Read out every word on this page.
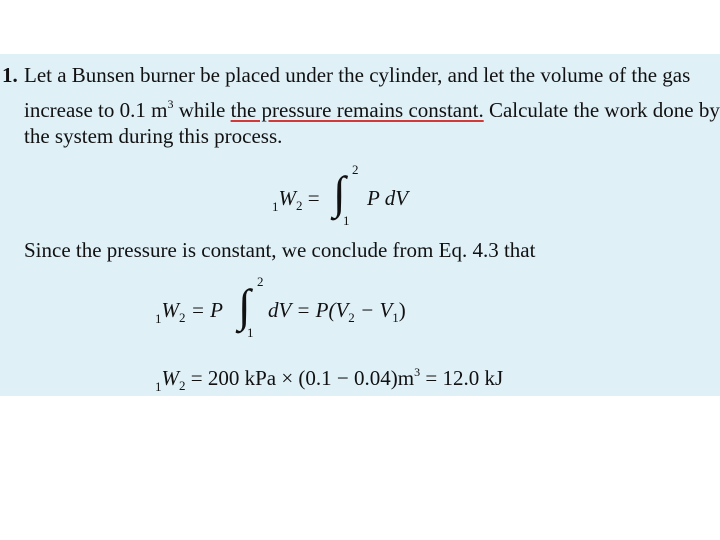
1. Let a Bunsen burner be placed under the cylinder, and let the volume of the gas
increase to 0.1 $m^3$ while the pressure remains constant. Calculate the work done by
the system during this process.
$_1W_2$ = ∫ 2
1
P dV
Since the pressure is constant, we conclude from Eq. 4.3 that
$_1W_2 = P$ ∫ 2
1
dV = $P(V_2 - V_1)$
$_1W_2 = 200$ kPa × $(0.1 - 0.04)m^3 = 12.0$ kJ
